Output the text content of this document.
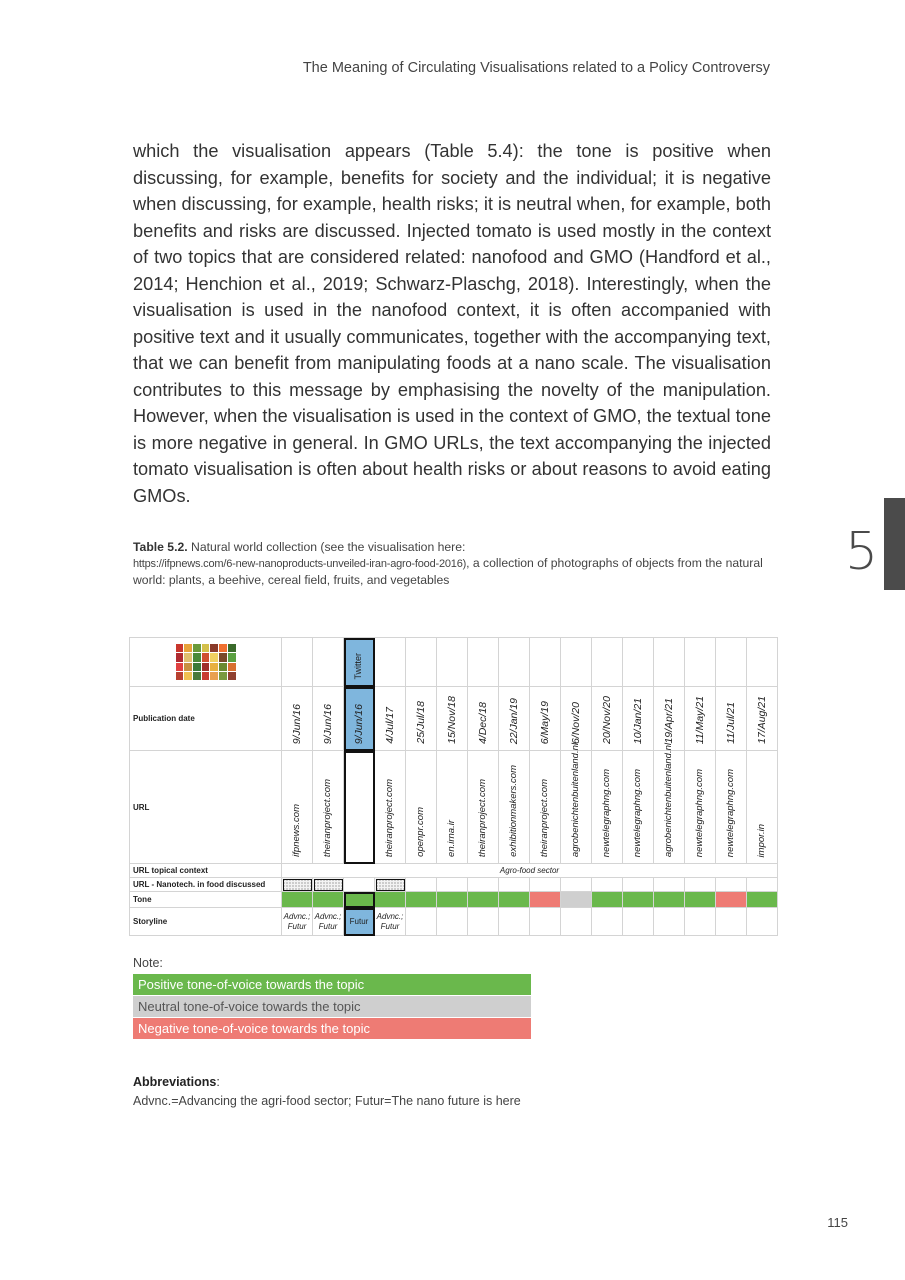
The Meaning of Circulating Visualisations related to a Policy Controversy

which the visualisation appears (Table 5.4): the tone is positive when discussing, for example, benefits for society and the individual; it is negative when discussing, for example, health risks; it is neutral when, for example, both benefits and risks are discussed. Injected tomato is used mostly in the context of two topics that are considered related: nanofood and GMO (Handford et al., 2014; Henchion et al., 2019; Schwarz-Plaschg, 2018). Interestingly, when the visualisation is used in the nanofood context, it is often accompanied with positive text and it usually communicates, together with the accompanying text, that we can benefit from manipulating foods at a nano scale. The visualisation contributes to this message by emphasising the novelty of the manipulation. However, when the visualisation is used in the context of GMO, the textual tone is more negative in general. In GMO URLs, the text accompanying the injected tomato visualisation is often about health risks or about reasons to avoid eating GMOs.

5
Table 5.2. Natural world collection (see the visualisation here:
https://ifpnews.com/6-new-nanoproducts-unveiled-iran-agro-food-2016), a collection of photographs of objects from the natural world: plants, a beehive, cereal field, fruits, and vegetables

			Twitter													

Publication date	9/Jun/16	9/Jun/16	9/Jun/16	4/Jul/17	25/Jul/18	15/Nov/18	4/Dec/18	22/Jan/19	6/May/19	6/Nov/20	20/Nov/20	10/Jan/21	19/Apr/21	11/May/21	11/Jul/21	17/Aug/21

URL	ifpnews.com	theiranproject.com		theiranproject.com	openpr.com	en.irna.ir	theiranproject.com	exhibitionmakers.com	theiranproject.com	agrobenichtenbuitenland.nl	newtelegraphng.com	newtelegraphng.com	agrobenichtenbuitenland.nl	newtelegraphng.com	newtelegraphng.com	impor.in

URL topical context	Agro-food sector															
URL - Nanotech. in food discussed																
Tone																
Storyline	Advnc.; Futur	Advnc.; Futur	Futur	Advnc.; Futur												
Note:
Positive tone-of-voice towards the topic
Neutral tone-of-voice towards the topic
Negative tone-of-voice towards the topic
Abbreviations:
Advnc.=Advancing the agri-food sector; Futur=The nano future is here
115
